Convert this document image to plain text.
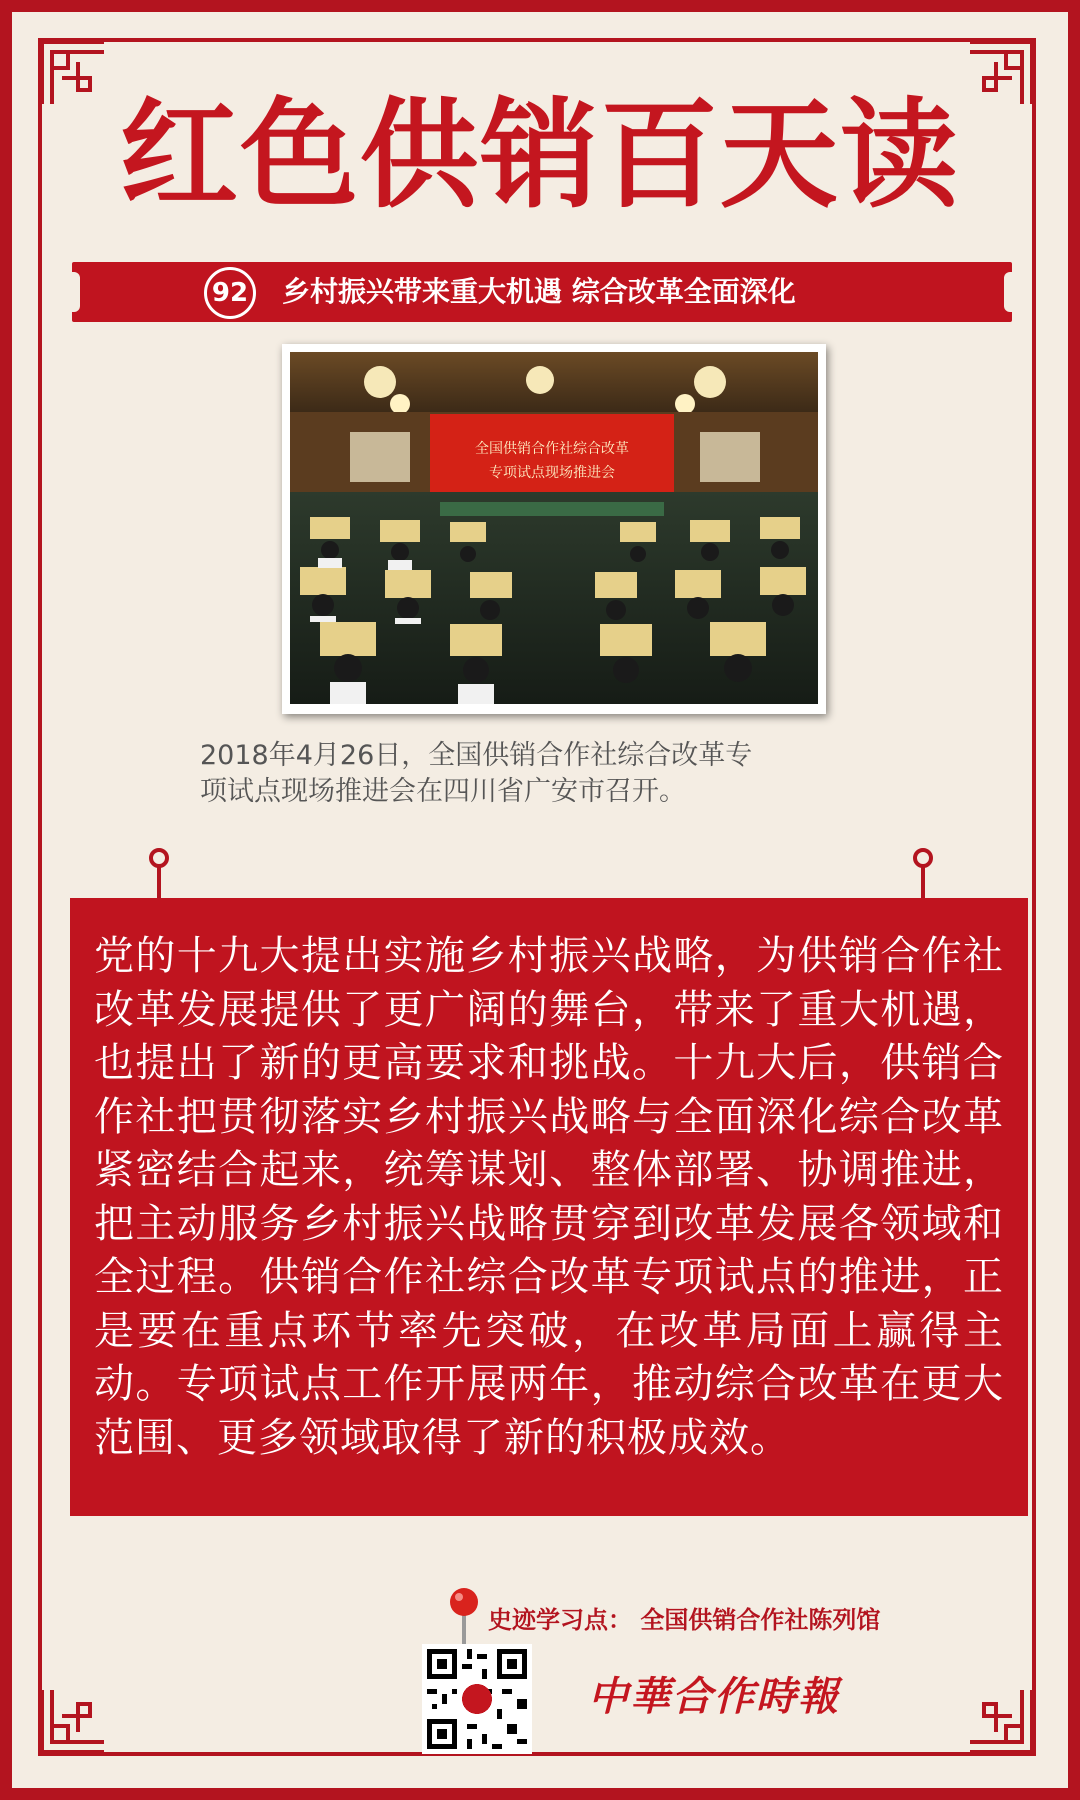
红色供销百天读
92 乡村振兴带来重大机遇 综合改革全面深化
全国供销合作社综合改革
专项试点现场推进会
2018年4月26日，全国供销合作社综合改革专
项试点现场推进会在四川省广安市召开。
党的十九大提出实施乡村振兴战略，为供销合作社改革发展提供了更广阔的舞台，带来了重大机遇，也提出了新的更高要求和挑战。十九大后，供销合作社把贯彻落实乡村振兴战略与全面深化综合改革紧密结合起来，统筹谋划、整体部署、协调推进，把主动服务乡村振兴战略贯穿到改革发展各领域和全过程。供销合作社综合改革专项试点的推进，正是要在重点环节率先突破，在改革局面上赢得主动。专项试点工作开展两年，推动综合改革在更大范围、更多领域取得了新的积极成效。
史迹学习点： 全国供销合作社陈列馆
中華合作時報
